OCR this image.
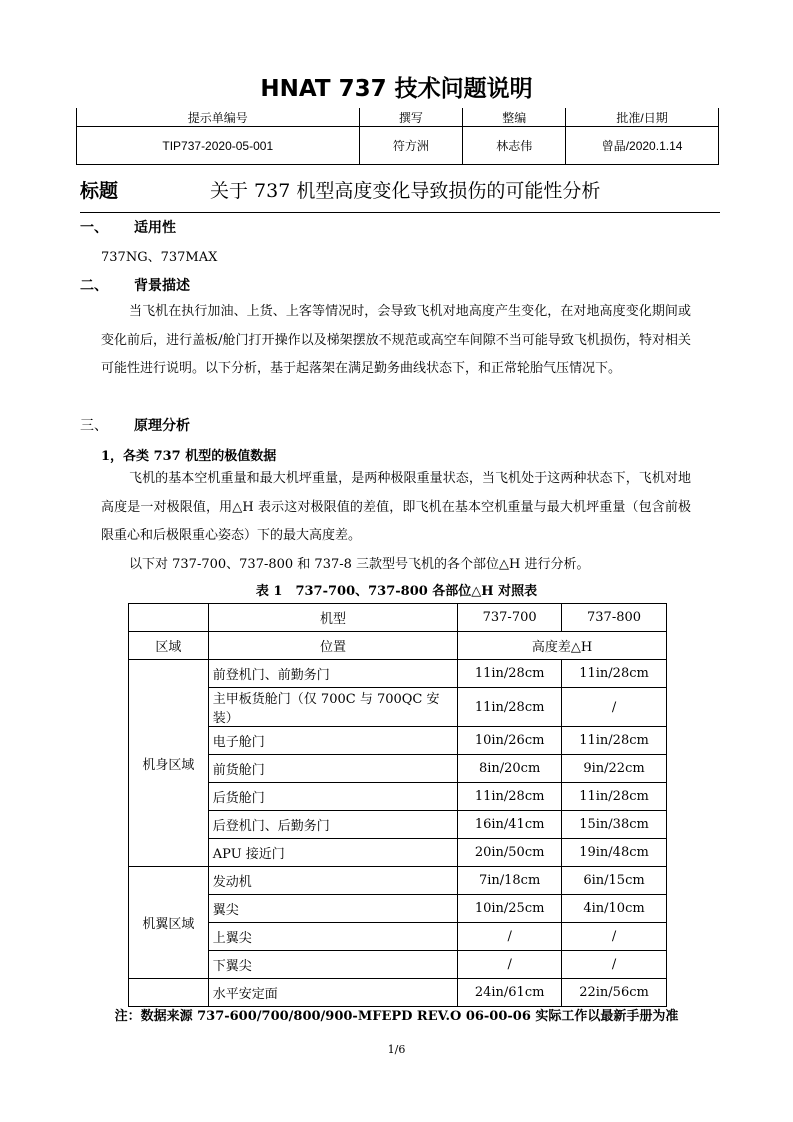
HNAT 737 技术问题说明
提示单编号	撰写	整编	批准/日期
TIP737-2020-05-001	符方洲	林志伟	曾晶/2020.1.14
标题	关于 737 机型高度变化导致损伤的可能性分析
一、 适用性
737NG、737MAX
二、 背景描述

当飞机在执行加油、上货、上客等情况时，会导致飞机对地高度产生变化，在对地高度变化期间或变化前后，进行盖板/舱门打开操作以及梯架摆放不规范或高空车间隙不当可能导致飞机损伤，特对相关可能性进行说明。以下分析，基于起落架在满足勤务曲线状态下，和正常轮胎气压情况下。

三、 原理分析
1，各类 737 机型的极值数据

飞机的基本空机重量和最大机坪重量，是两种极限重量状态，当飞机处于这两种状态下，飞机对地高度是一对极限值，用△H 表示这对极限值的差值，即飞机在基本空机重量与最大机坪重量（包含前极限重心和后极限重心姿态）下的最大高度差。

以下对 737-700、737-800 和 737-8 三款型号飞机的各个部位△H 进行分析。
表 1　737-700、737-800 各部位△H 对照表
	机型	737-700	737-800
区域	位置	高度差△H	
机身区域	前登机门、前勤务门	11in/28cm	11in/28cm
	主甲板货舱门（仅 700C 与 700QC 安装）	11in/28cm	/
	电子舱门	10in/26cm	11in/28cm
	前货舱门	8in/20cm	9in/22cm
	后货舱门	11in/28cm	11in/28cm
	后登机门、后勤务门	16in/41cm	15in/38cm
	APU 接近门	20in/50cm	19in/48cm
机翼区域	发动机	7in/18cm	6in/15cm
	翼尖	10in/25cm	4in/10cm
	上翼尖	/	/
	下翼尖	/	/
	水平安定面	24in/61cm	22in/56cm
注：数据来源 737-600/700/800/900-MFEPD REV.O 06-00-06 实际工作以最新手册为准
1/6
